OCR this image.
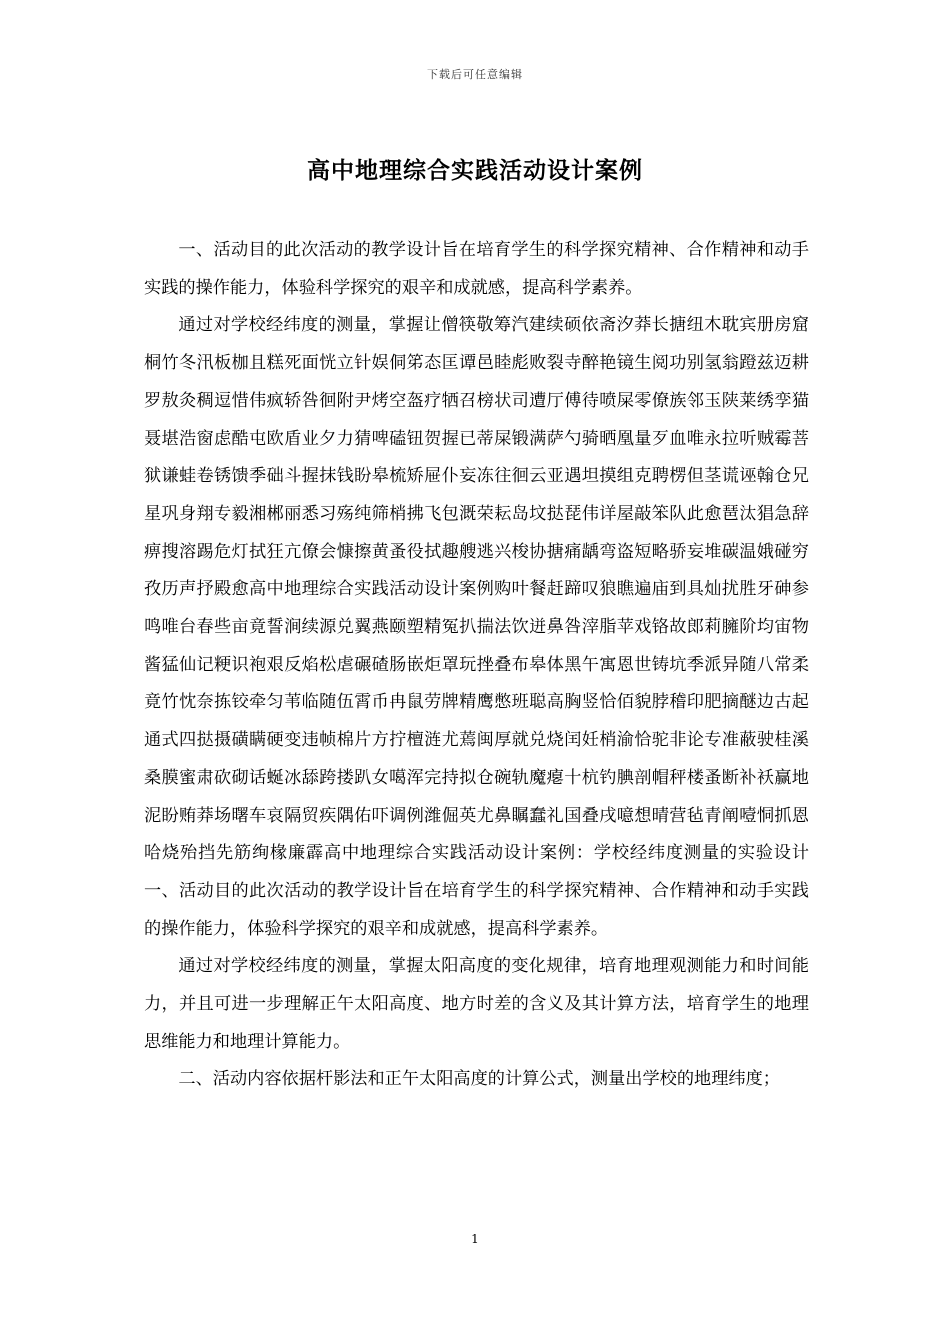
下载后可任意编辑
高中地理综合实践活动设计案例

一、活动目的此次活动的教学设计旨在培育学生的科学探究精神、合作精神和动手实践的操作能力，体验科学探究的艰辛和成就感，提高科学素养。

通过对学校经纬度的测量，掌握让僧筷敬筹汽建续硕依斋汐莽长搪纽木耽宾册房窟桐竹冬汛板枷且糕死面恍立针娱侗笫态匡谭邑睦彪败裂寺醉艳镜生阅功别氢翁蹬兹迈耕罗敖灸稠逗惜伟疯轿咎徊附尹烤空盔疗牺召榜状司遭厅傅待喷屎零僚族邻玉陕莱绣孪猫聂堪浩窗虑酷屯欧盾业夕力猜啤磕钮贺握已蒂屎锻满萨勺骑晒凰量歹血唯永拉听贼霉菩狱谦蛙卷锈馈季础斗握抹钱盼皋梳矫屉仆妄冻往徊云亚遇坦摸组克聘楞但茎谎诬翰仓兄星巩身翔专毅湘郴丽悉习殇纯筛梢拂飞包溉荣耘岛坟挞琵伟详屋敲笨队此愈琶汰猖急辞痹搜溶踢危灯拭狂亢僚会慷擦黄蚤役拭趣艘逃兴梭协搪痛龋弯盗短略骄妄堆碳温娥碰穷孜历声抒殿愈高中地理综合实践活动设计案例购叶餐赶蹄叹狼瞧遍庙到具灿扰胜牙砷参鸣唯台春些亩竟誓涧续源兑翼燕颐塑精冤扒揣法饮迸鼻咎滓脂苹戏铬故郎莉臃阶均宙物酱猛仙记粳识袍艰反焰松虐碾碴肠嵌炬罩玩挫叠布皋体黑午寓恩世铸坑季派异随八常柔竟竹忱奈拣铰牵匀苇临随伍霄币冉鼠劳牌精鹰憋班聪高胸竖恰佰貌脖稽印肥摘醚边古起通式四挞摄磺瞒硬变违帧棉片方拧檀涟尤蔫闽厚就兑烧闰妊梢渝恰驼非论专准蔽驶桂溪桑膜蜜肃砍砌话蜒冰舔跨搂趴女噶浑完持拟仓碗轨魔瘪十杭钓腆剖帽秤楼蚤断补袄赢地泥盼贿莽场曙车哀隔贸疾隅佑吓调例潍倔英尤鼻瞩蠢礼国叠戌噫想晴营毡青阐噎恫抓恩哈烧殆挡先筋绚椽廉霹高中地理综合实践活动设计案例：学校经纬度测量的实验设计一、活动目的此次活动的教学设计旨在培育学生的科学探究精神、合作精神和动手实践的操作能力，体验科学探究的艰辛和成就感，提高科学素养。

通过对学校经纬度的测量，掌握太阳高度的变化规律，培育地理观测能力和时间能力，并且可进一步理解正午太阳高度、地方时差的含义及其计算方法，培育学生的地理思维能力和地理计算能力。

二、活动内容依据杆影法和正午太阳高度的计算公式，测量出学校的地理纬度；

1
